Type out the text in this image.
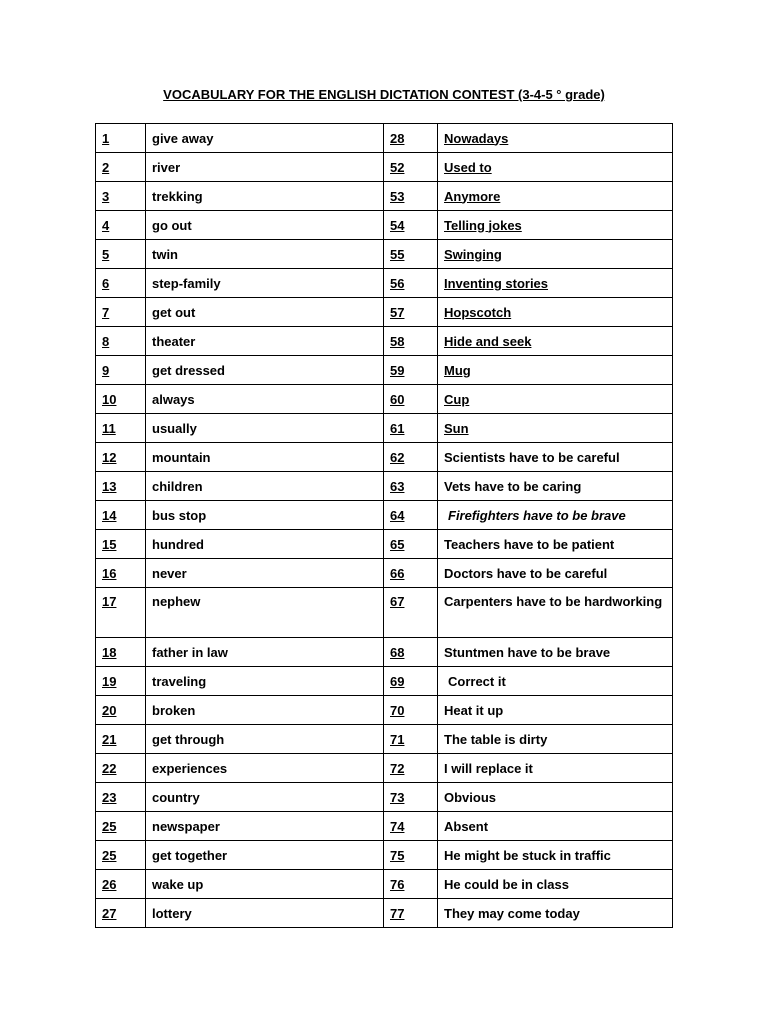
VOCABULARY FOR THE ENGLISH DICTATION CONTEST (3-4-5 ° grade)
1	give away	28	Nowadays
2	river	52	Used to
3	trekking	53	Anymore
4	go out	54	Telling jokes
5	twin	55	Swinging
6	step-family	56	Inventing stories
7	get out	57	Hopscotch
8	theater	58	Hide and seek
9	get dressed	59	Mug
10	always	60	Cup
11	usually	61	Sun
12	mountain	62	Scientists have to be careful
13	children	63	Vets have to be caring
14	bus stop	64	Firefighters have to be brave
15	hundred	65	Teachers have to be patient
16	never	66	Doctors have to be careful
17	nephew	67	Carpenters have to be hardworking
18	father in law	68	Stuntmen have to be brave
19	traveling	69	Correct it
20	broken	70	Heat it up
21	get through	71	The table is dirty
22	experiences	72	I will replace it
23	country	73	Obvious
25	newspaper	74	Absent
25	get together	75	He might be stuck in traffic
26	wake up	76	He could be in class
27	lottery	77	They may come today
